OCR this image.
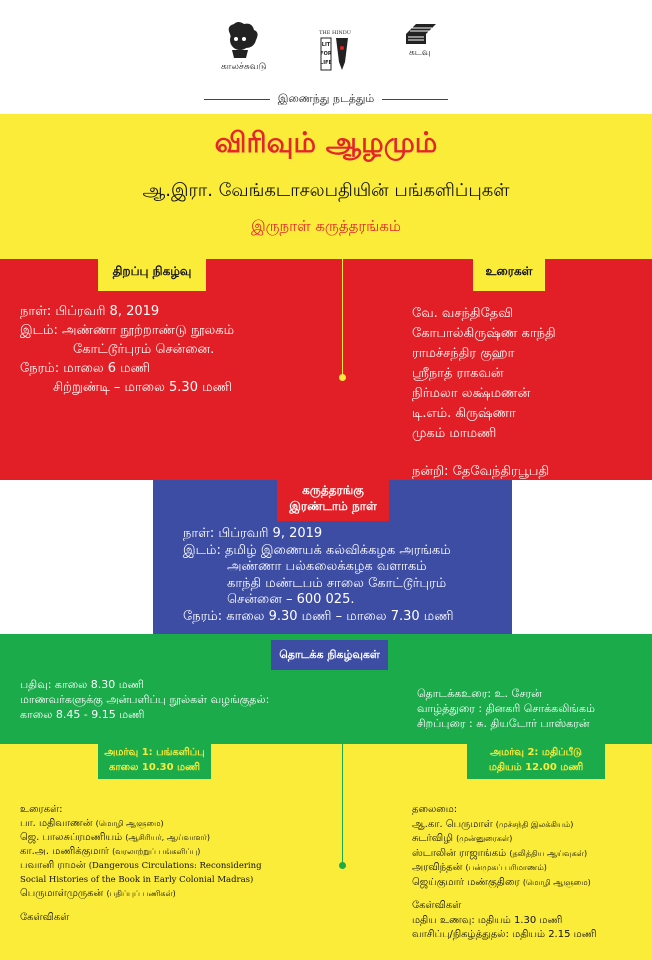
காலச்சுவடு
THE HINDU
LIT
FOR
LIFE
கடவு
இணைந்து நடத்தும்
விரிவும் ஆழமும்
ஆ.இரா. வேங்கடாசலபதியின் பங்களிப்புகள்
இருநாள் கருத்தரங்கம்
திறப்பு நிகழ்வு	உரைகள்
நாள்: பிப்ரவரி 8, 2019
இடம்: அண்ணா நூற்றாண்டு நூலகம்
கோட்டூர்புரம் சென்னை.
நேரம்: மாலை 6 மணி
சிற்றுண்டி – மாலை 5.30 மணி
வே. வசந்திதேவி
கோபால்கிருஷ்ண காந்தி
ராமச்சந்திர குஹா
ஸ்ரீநாத் ராகவன்
நிர்மலா லக்ஷ்மணன்
டி.எம். கிருஷ்ணா
முகம் மாமணி
நன்றி: தேவேந்திரபூபதி
கருத்தரங்கு
இரண்டாம் நாள்
நாள்: பிப்ரவரி 9, 2019
இடம்: தமிழ் இணையக் கல்விக்கழக அரங்கம்
அண்ணா பல்கலைக்கழக வளாகம்
காந்தி மண்டபம் சாலை கோட்டூர்புரம்
சென்னை – 600 025.
நேரம்: காலை 9.30 மணி – மாலை 7.30 மணி
தொடக்க நிகழ்வுகள்
பதிவு: காலை 8.30 மணி
மாணவர்களுக்கு அன்பளிப்பு நூல்கள் வழங்குதல்:
காலை 8.45 - 9.15 மணி
தொடக்கஉரை: உ. சேரன்
வாழ்த்துரை : தினகரி சொக்கலிங்கம்
சிறப்புரை : சு. தியடோர் பாஸ்கரன்
அமர்வு 1: பங்களிப்பு
காலை 10.30 மணி
அமர்வு 2: மதிப்பீடு
மதியம் 12.00 மணி
உரைகள்:
பா. மதிவாணன் (மொழி ஆளுமை)
ஜெ. பாலசுப்ரமணியம் (ஆசிரியர், ஆய்வாளர்)
கா.அ. மணிக்குமார் (வரலாற்றுப் பங்களிப்பு)
பவானி ராமன் (Dangerous Circulations: Reconsidering
Social Histories of the Book in Early Colonial Madras)
பெருமாள்முருகன் (பதிப்புப் பணிகள்)
கேள்விகள்
தலைமை:
ஆ.கா. பெருமாள் (முச்சந்தி இலக்கியம்)
சுடர்விழி (முன்னுரைகள்)
ஸ்டாலின் ராஜாங்கம் (தலித்திய ஆய்வுகள்)
அரவிந்தன் (பன்முகப் பரிமாணம்)
ஜெய்குமார் மண்குதிரை (மொழி ஆளுமை)
கேள்விகள்
மதிய உணவு: மதியம் 1.30 மணி
வாசிப்பு/நிகழ்த்துதல்: மதியம் 2.15 மணி
